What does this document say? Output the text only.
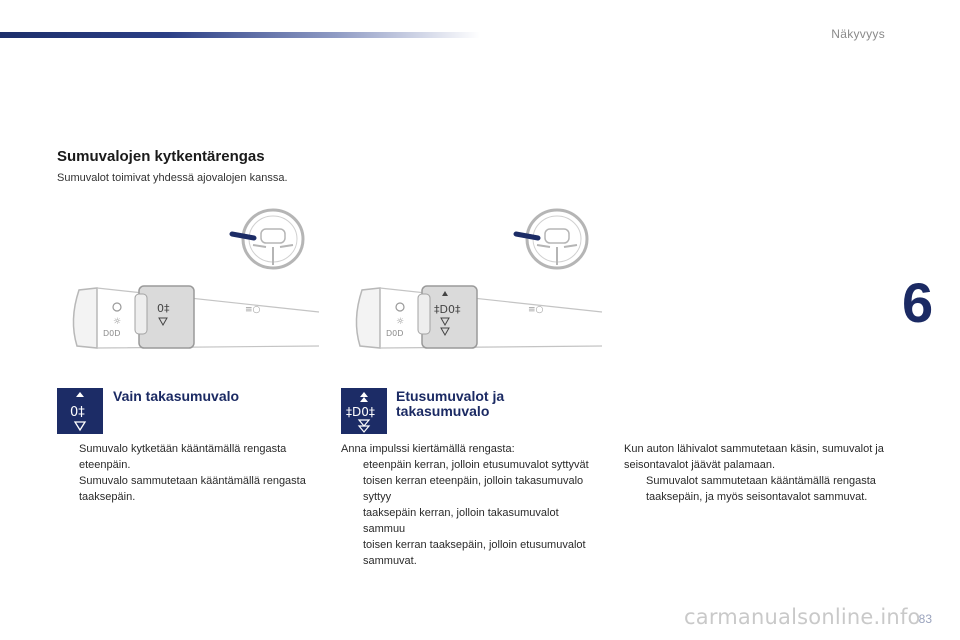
Näkyvyys
6
Sumuvalojen kytkentärengas
Sumuvalot toimivat yhdessä ajovalojen kanssa.
☼
D0D
0‡	≡○
☼
D0D
‡D0‡	≡○
0‡
Vain takasumuvalo
Sumuvalo kytketään kääntämällä rengasta eteenpäin.
Sumuvalo sammutetaan kääntämällä rengasta taaksepäin.
‡D0‡
Etusumuvalot ja takasumuvalo
Anna impulssi kiertämällä rengasta:
eteenpäin kerran, jolloin etusumuvalot syttyvät
toisen kerran eteenpäin, jolloin takasumuvalo syttyy
taaksepäin kerran, jolloin takasumuvalot sammuu
toisen kerran taaksepäin, jolloin etusumuvalot sammuvat.
Kun auton lähivalot sammutetaan käsin, sumuvalot ja seisontavalot jäävät palamaan.
Sumuvalot sammutetaan kääntämällä rengasta taaksepäin, ja myös seisontavalot sammuvat.
83
carmanualsonline.info
